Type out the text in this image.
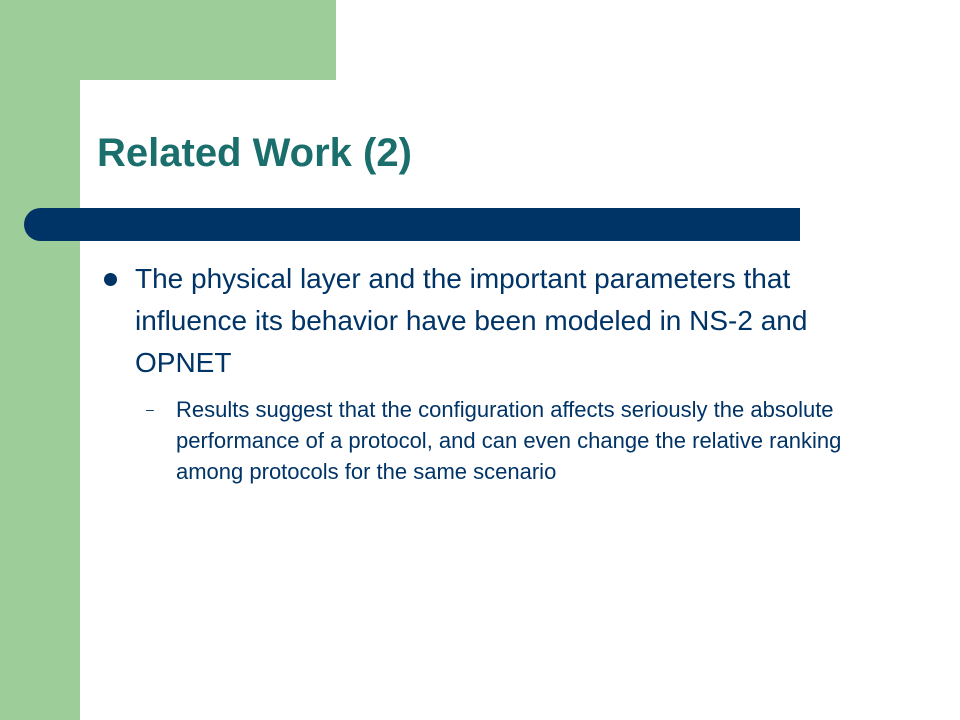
Related Work (2)

The physical layer and the important parameters that influence its behavior have been modeled in NS-2 and OPNET

– Results suggest that the configuration affects seriously the absolute performance of a protocol, and can even change the relative ranking among protocols for the same scenario
